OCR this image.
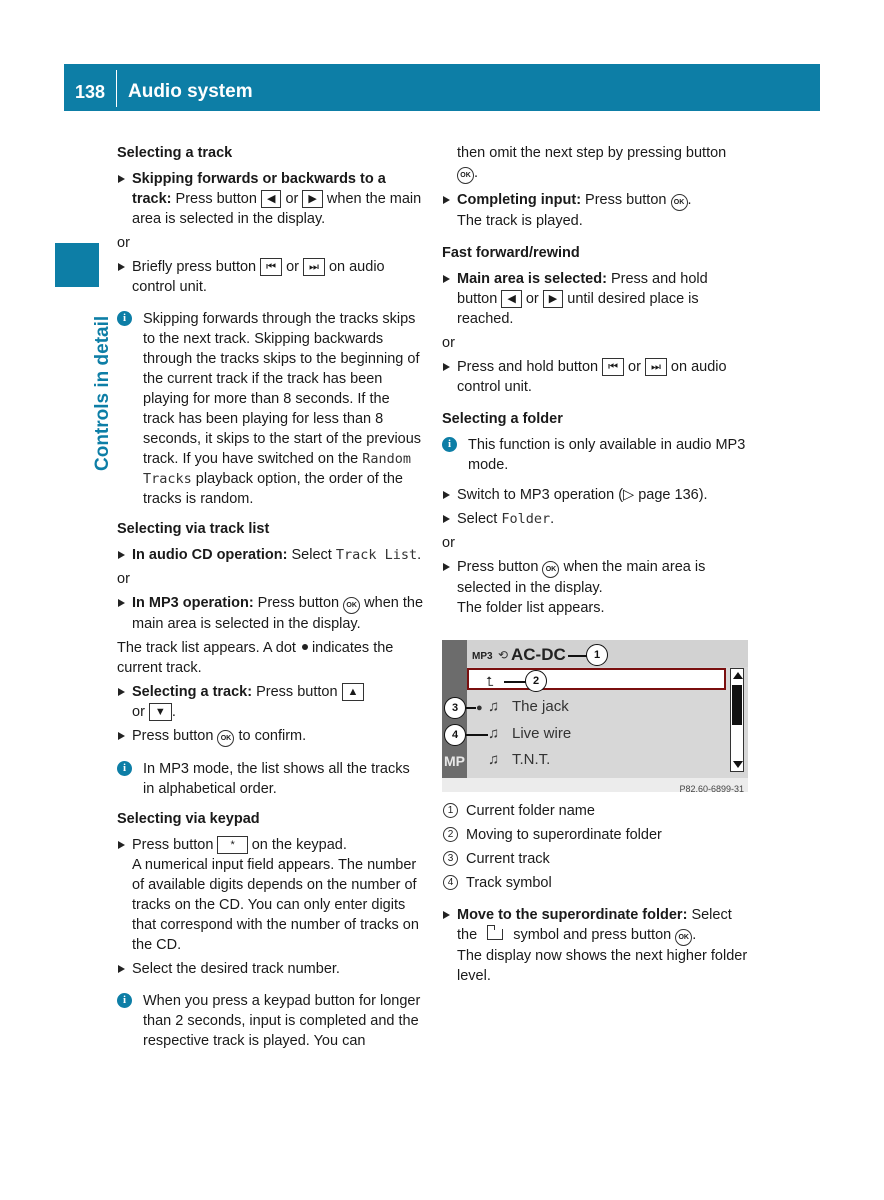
138	Audio system
Controls in detail

Selecting a track

Skipping forwards or backwards to a
track: Press button ◀ or ▶ when the main area is selected in the display.

or

Briefly press button ⏮ or ⏭ on audio control unit.
i	Skipping forwards through the tracks skips to the next track. Skipping backwards through the tracks skips to the beginning of the current track if the track has been playing for more than 8 seconds. If the track has been playing for less than 8 seconds, it skips to the start of the previous track. If you have switched on the Random Tracks playback option, the order of the tracks is random.

Selecting via track list

In audio CD operation: Select Track List.

or

In MP3 operation: Press button OK when the main area is selected in the display.

The track list appears. A dot indicates the current track.

Selecting a track: Press button ▲
or ▼ .
Press button OK to confirm.
i	In MP3 mode, the list shows all the tracks in alphabetical order.

Selecting via keypad

Press button * on the keypad.
A numerical input field appears. The number of available digits depends on the number of tracks on the CD. You can only enter digits that correspond with the number of tracks on the CD.
Select the desired track number.
i	When you press a keypad button for longer than 2 seconds, input is completed and the respective track is played. You can
then omit the next step by pressing button
OK .
Completing input: Press button OK .
The track is played.

Fast forward/rewind

Main area is selected: Press and hold button ◀ or ▶ until desired place is reached.

or

Press and hold button ⏮ or ⏭ on audio control unit.

Selecting a folder

i	This function is only available in audio MP3 mode.
Switch to MP3 operation (▷ page 136).
Select Folder.

or

Press button OK when the main area is selected in the display.
The folder list appears.
MP3 ⟲ AC-DC	1
⮤	2
3	● ♫ The jack
4	♫ Live wire
MP ♫ T.N.T.
P82.60-6899-31
1 Current folder name
2 Moving to superordinate folder
3 Current track
4 Track symbol
Move to the superordinate folder: Select the  symbol and press button OK .
The display now shows the next higher folder level.
